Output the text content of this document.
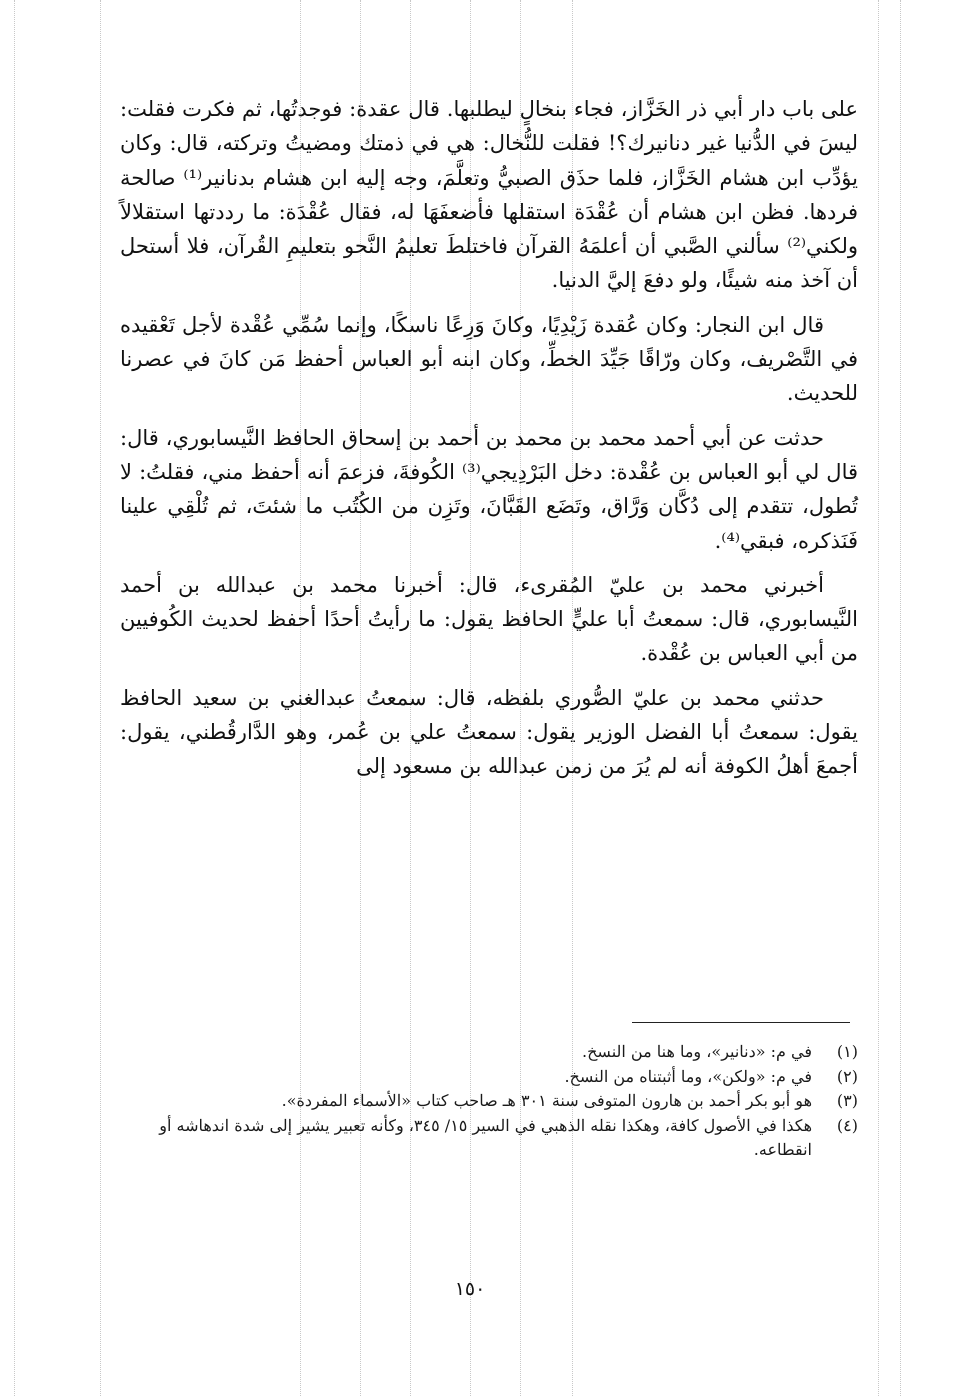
على باب دار أبي ذر الخَزَّاز، فجاء بنخالٍ ليطلبها. قال عقدة: فوجدتُها، ثم فكرت فقلت: ليسَ في الدُّنيا غير دنانيرك؟! فقلت للنُّخال: هي في ذمتك ومضيتُ وتركته، قال: وكان يؤدِّب ابن هشام الخَزَّاز، فلما حذَق الصبيُّ وتعلَّمَ، وجه إليه ابن هشام بدنانير⁽¹⁾ صالحة فردها. فظن ابن هشام أن عُقْدَة استقلها فأضعفَهَا له، فقال عُقْدَة: ما رددتها استقلالاً ولكني⁽²⁾ سألني الصَّبي أن أعلمَهُ القرآن فاختلطَ تعليمُ النَّحو بتعليمِ القُرآن، فلا أستحل أن آخذ منه شيئًا، ولو دفعَ إليَّ الدنيا.

قال ابن النجار: وكان عُقدة زَيْدِيًا، وكانَ وَرِعًا ناسكًا، وإنما سُمِّي عُقْدة لأجل تَعْقيده في التَّصْريف، وكان ورّاقًا جَيِّدَ الخطِّ، وكان ابنه أبو العباس أحفظ مَن كانَ في عصرنا للحديث.

حدثت عن أبي أحمد محمد بن محمد بن أحمد بن إسحاق الحافظ النَّيسابوري، قال: قال لي أبو العباس بن عُقْدة: دخل البَرْدِيجي⁽³⁾ الكُوفةَ، فزعمَ أنه أحفظ مني، فقلتُ: لا تُطول، تتقدم إلى دُكَّان وَرَّاق، وتَضَع القَبَّانَ، وتَزِن من الكُتُب ما شئتَ، ثم تُلْقِي علينا فَنَذكره، فبقي⁽⁴⁾.

أخبرني محمد بن عليّ المُقرىء، قال: أخبرنا محمد بن عبدالله بن أحمد النَّيسابوري، قال: سمعتُ أبا عليٍّ الحافظ يقول: ما رأيتُ أحدًا أحفظ لحديث الكُوفيين من أبي العباس بن عُقْدة.

حدثني محمد بن عليّ الصُّوري بلفظه، قال: سمعتُ عبدالغني بن سعيد الحافظ يقول: سمعتُ أبا الفضل الوزير يقول: سمعتُ علي بن عُمر، وهو الدَّارقُطني، يقول: أجمعَ أهلُ الكوفة أنه لم يُرَ من زمن عبدالله بن مسعود إلى

(١)
في م: «دنانير»، وما هنا من النسخ.
(٢)
في م: «ولكن»، وما أثبتناه من النسخ.
(٣)
هو أبو بكر أحمد بن هارون المتوفى سنة ٣٠١ هـ صاحب كتاب «الأسماء المفردة».
(٤)
هكذا في الأصول كافة، وهكذا نقله الذهبي في السير ١٥/ ٣٤٥، وكأنه تعبير يشير إلى شدة اندهاشه أو انقطاعه.
١٥٠
